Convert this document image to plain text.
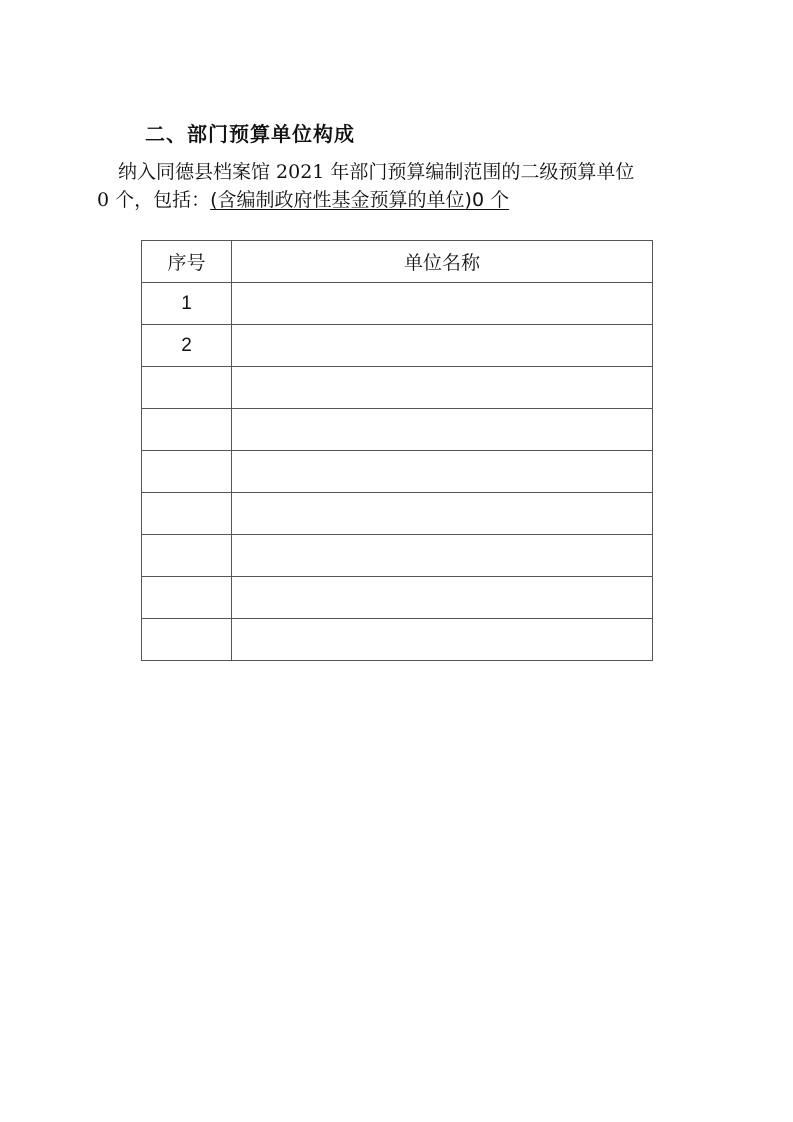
二、部门预算单位构成
纳入同德县档案馆 2021 年部门预算编制范围的二级预算单位
0 个，包括：(含编制政府性基金预算的单位)0 个
序号	单位名称
1	
2	
